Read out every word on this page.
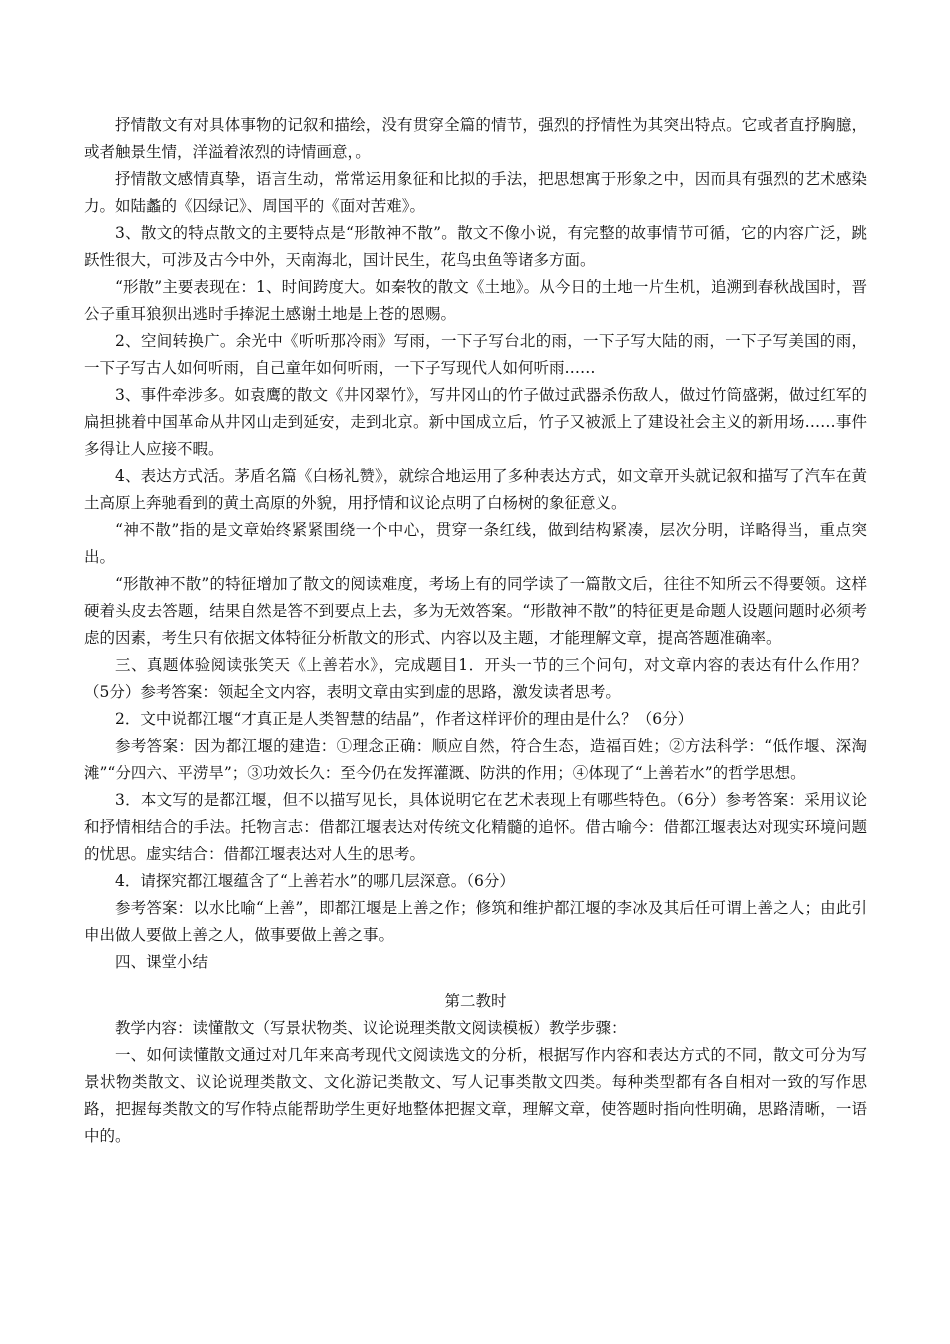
抒情散文有对具体事物的记叙和描绘，没有贯穿全篇的情节，强烈的抒情性为其突出特点。它或者直抒胸臆，或者触景生情，洋溢着浓烈的诗情画意，。

抒情散文感情真挚，语言生动，常常运用象征和比拟的手法，把思想寓于形象之中，因而具有强烈的艺术感染力。如陆蠡的《囚绿记》、周国平的《面对苦难》。

3、散文的特点散文的主要特点是“形散神不散”。散文不像小说，有完整的故事情节可循，它的内容广泛，跳跃性很大，可涉及古今中外，天南海北，国计民生，花鸟虫鱼等诸多方面。

“形散”主要表现在：1、时间跨度大。如秦牧的散文《土地》。从今日的土地一片生机，追溯到春秋战国时，晋公子重耳狼狈出逃时手捧泥土感谢土地是上苍的恩赐。

2、空间转换广。余光中《听听那冷雨》写雨，一下子写台北的雨，一下子写大陆的雨，一下子写美国的雨，一下子写古人如何听雨，自己童年如何听雨，一下子写现代人如何听雨……

3、事件牵涉多。如袁鹰的散文《井冈翠竹》，写井冈山的竹子做过武器杀伤敌人，做过竹筒盛粥，做过红军的扁担挑着中国革命从井冈山走到延安，走到北京。新中国成立后，竹子又被派上了建设社会主义的新用场……事件多得让人应接不暇。

4、表达方式活。茅盾名篇《白杨礼赞》，就综合地运用了多种表达方式，如文章开头就记叙和描写了汽车在黄土高原上奔驰看到的黄土高原的外貌，用抒情和议论点明了白杨树的象征意义。

“神不散”指的是文章始终紧紧围绕一个中心，贯穿一条红线，做到结构紧凑，层次分明，详略得当，重点突出。

“形散神不散”的特征增加了散文的阅读难度，考场上有的同学读了一篇散文后，往往不知所云不得要领。这样硬着头皮去答题，结果自然是答不到要点上去，多为无效答案。“形散神不散”的特征更是命题人设题问题时必须考虑的因素，考生只有依据文体特征分析散文的形式、内容以及主题，才能理解文章，提高答题准确率。

三、真题体验阅读张笑天《上善若水》，完成题目1．开头一节的三个问句，对文章内容的表达有什么作用？（5分）参考答案：领起全文内容，表明文章由实到虚的思路，激发读者思考。

2．文中说都江堰“才真正是人类智慧的结晶”，作者这样评价的理由是什么？（6分）

参考答案：因为都江堰的建造：①理念正确：顺应自然，符合生态，造福百姓；②方法科学：“低作堰、深淘滩”“分四六、平涝旱”；③功效长久：至今仍在发挥灌溉、防洪的作用；④体现了“上善若水”的哲学思想。

3．本文写的是都江堰，但不以描写见长，具体说明它在艺术表现上有哪些特色。（6分）参考答案：采用议论和抒情相结合的手法。托物言志：借都江堰表达对传统文化精髓的追怀。借古喻今：借都江堰表达对现实环境问题的忧思。虚实结合：借都江堰表达对人生的思考。

4．请探究都江堰蕴含了“上善若水”的哪几层深意。（6分）

参考答案：以水比喻“上善”，即都江堰是上善之作；修筑和维护都江堰的李冰及其后任可谓上善之人；由此引申出做人要做上善之人，做事要做上善之事。

四、课堂小结

第二教时

教学内容：读懂散文（写景状物类、议论说理类散文阅读模板）教学步骤：

一、如何读懂散文通过对几年来高考现代文阅读选文的分析，根据写作内容和表达方式的不同，散文可分为写景状物类散文、议论说理类散文、文化游记类散文、写人记事类散文四类。每种类型都有各自相对一致的写作思路，把握每类散文的写作特点能帮助学生更好地整体把握文章，理解文章，使答题时指向性明确，思路清晰，一语中的。
